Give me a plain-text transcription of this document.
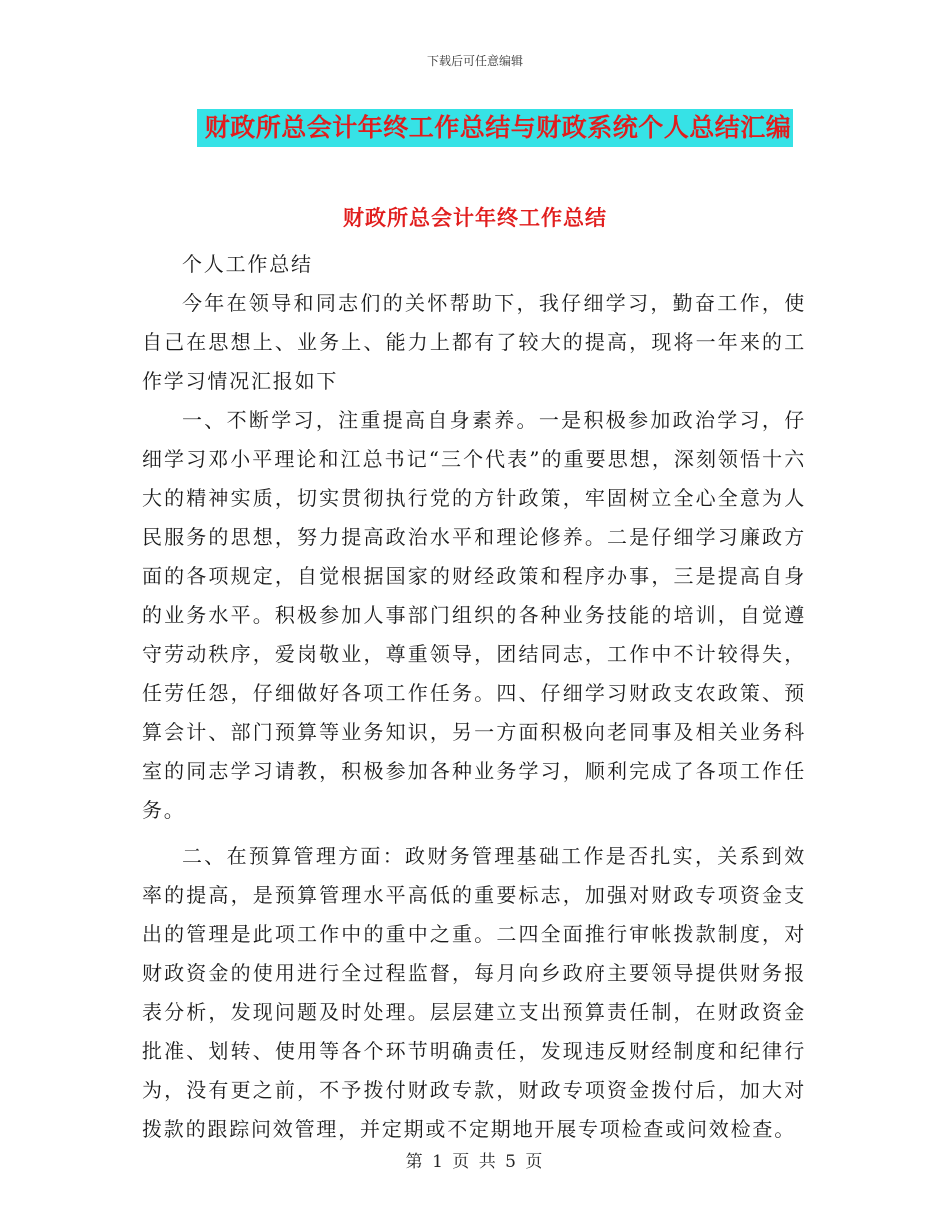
下载后可任意编辑
财政所总会计年终工作总结与财政系统个人总结汇编
财政所总会计年终工作总结

个人工作总结

今年在领导和同志们的关怀帮助下，我仔细学习，勤奋工作，使自己在思想上、业务上、能力上都有了较大的提高，现将一年来的工作学习情况汇报如下

一、不断学习，注重提高自身素养。一是积极参加政治学习，仔细学习邓小平理论和江总书记“三个代表”的重要思想，深刻领悟十六大的精神实质，切实贯彻执行党的方针政策，牢固树立全心全意为人民服务的思想，努力提高政治水平和理论修养。二是仔细学习廉政方面的各项规定，自觉根据国家的财经政策和程序办事，三是提高自身的业务水平。积极参加人事部门组织的各种业务技能的培训，自觉遵守劳动秩序，爱岗敬业，尊重领导，团结同志，工作中不计较得失，任劳任怨，仔细做好各项工作任务。四、仔细学习财政支农政策、预算会计、部门预算等业务知识，另一方面积极向老同事及相关业务科室的同志学习请教，积极参加各种业务学习，顺利完成了各项工作任务。

二、在预算管理方面：政财务管理基础工作是否扎实，关系到效率的提高，是预算管理水平高低的重要标志，加强对财政专项资金支出的管理是此项工作中的重中之重。二四全面推行审帐拨款制度，对财政资金的使用进行全过程监督，每月向乡政府主要领导提供财务报表分析，发现问题及时处理。层层建立支出预算责任制，在财政资金批准、划转、使用等各个环节明确责任，发现违反财经制度和纪律行为，没有更之前，不予拨付财政专款，财政专项资金拨付后，加大对拨款的跟踪问效管理，并定期或不定期地开展专项检查或问效检查。

第 1 页 共 5 页
